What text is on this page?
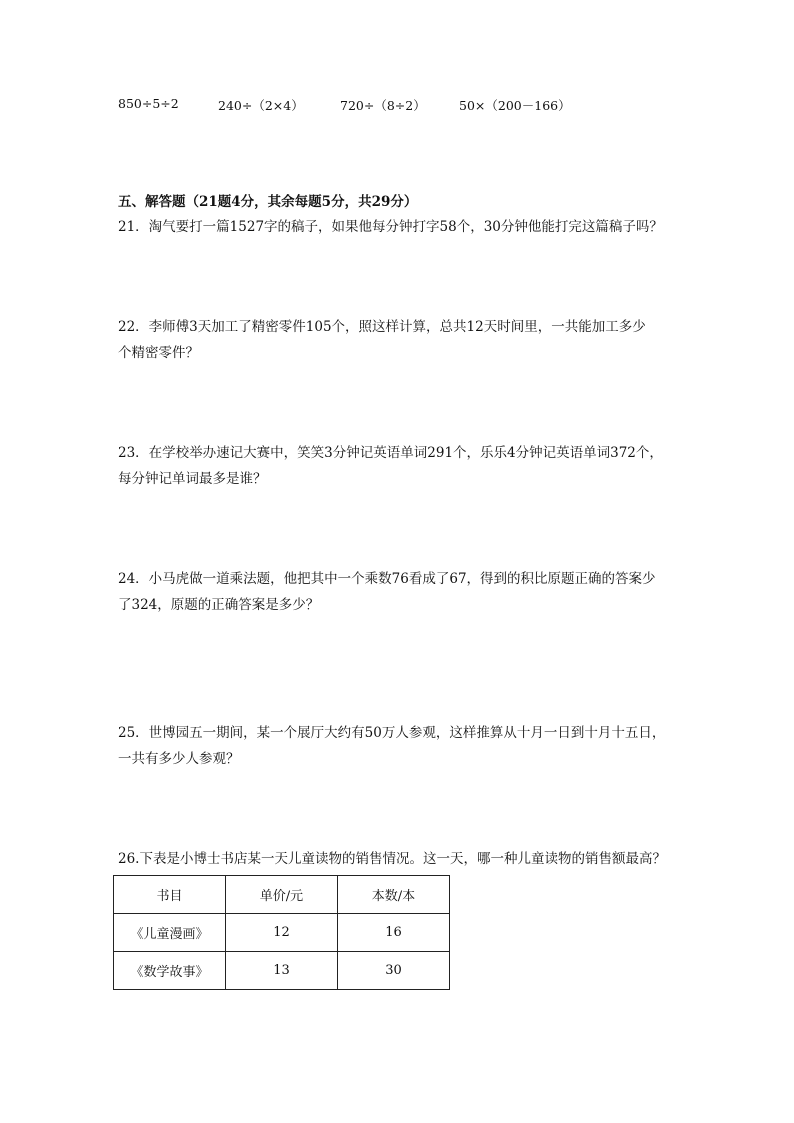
850÷5÷2	240÷（2×4）	720÷（8÷2）	50×（200－166）
五、解答题（21题4分，其余每题5分，共29分）
21．淘气要打一篇1527字的稿子，如果他每分钟打字58个，30分钟他能打完这篇稿子吗？
22．李师傅3天加工了精密零件105个，照这样计算，总共12天时间里，一共能加工多少
个精密零件？
23．在学校举办速记大赛中，笑笑3分钟记英语单词291个，乐乐4分钟记英语单词372个，
每分钟记单词最多是谁？
24．小马虎做一道乘法题，他把其中一个乘数76看成了67，得到的积比原题正确的答案少
了324，原题的正确答案是多少？
25．世博园五一期间，某一个展厅大约有50万人参观，这样推算从十月一日到十月十五日，
一共有多少人参观？
26.下表是小博士书店某一天儿童读物的销售情况。这一天，哪一种儿童读物的销售额最高？
书目	单价/元	本数/本
《儿童漫画》	12	16
《数学故事》	13	30
